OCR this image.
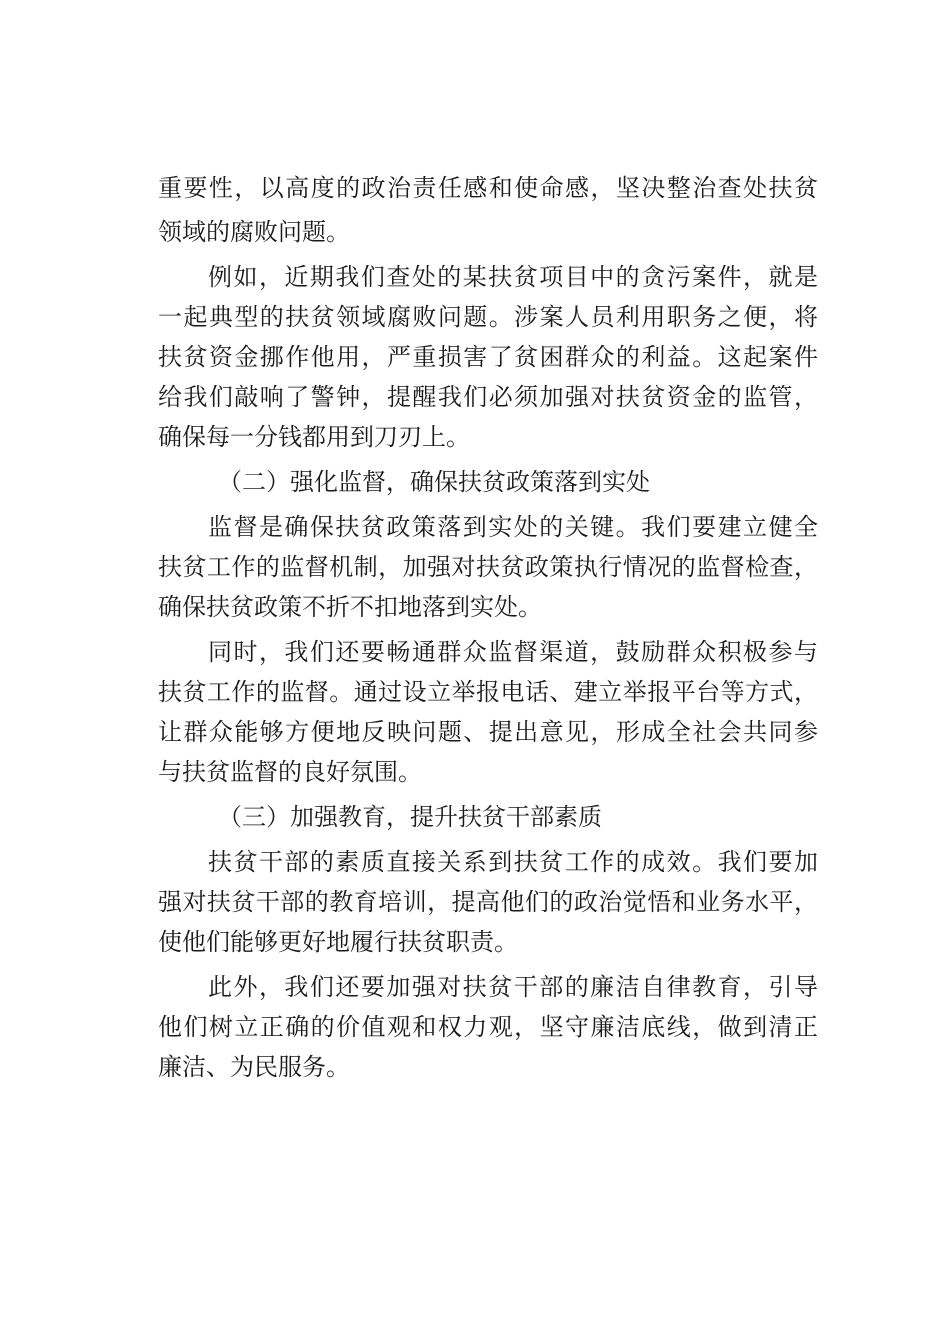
重要性，以高度的政治责任感和使命感，坚决整治查处扶贫
领域的腐败问题。
例如，近期我们查处的某扶贫项目中的贪污案件，就是
一起典型的扶贫领域腐败问题。涉案人员利用职务之便，将
扶贫资金挪作他用，严重损害了贫困群众的利益。这起案件
给我们敲响了警钟，提醒我们必须加强对扶贫资金的监管，
确保每一分钱都用到刀刃上。
（二）强化监督，确保扶贫政策落到实处
监督是确保扶贫政策落到实处的关键。我们要建立健全
扶贫工作的监督机制，加强对扶贫政策执行情况的监督检查，
确保扶贫政策不折不扣地落到实处。
同时，我们还要畅通群众监督渠道，鼓励群众积极参与
扶贫工作的监督。通过设立举报电话、建立举报平台等方式，
让群众能够方便地反映问题、提出意见，形成全社会共同参
与扶贫监督的良好氛围。
（三）加强教育，提升扶贫干部素质
扶贫干部的素质直接关系到扶贫工作的成效。我们要加
强对扶贫干部的教育培训，提高他们的政治觉悟和业务水平，
使他们能够更好地履行扶贫职责。
此外，我们还要加强对扶贫干部的廉洁自律教育，引导
他们树立正确的价值观和权力观，坚守廉洁底线，做到清正
廉洁、为民服务。
